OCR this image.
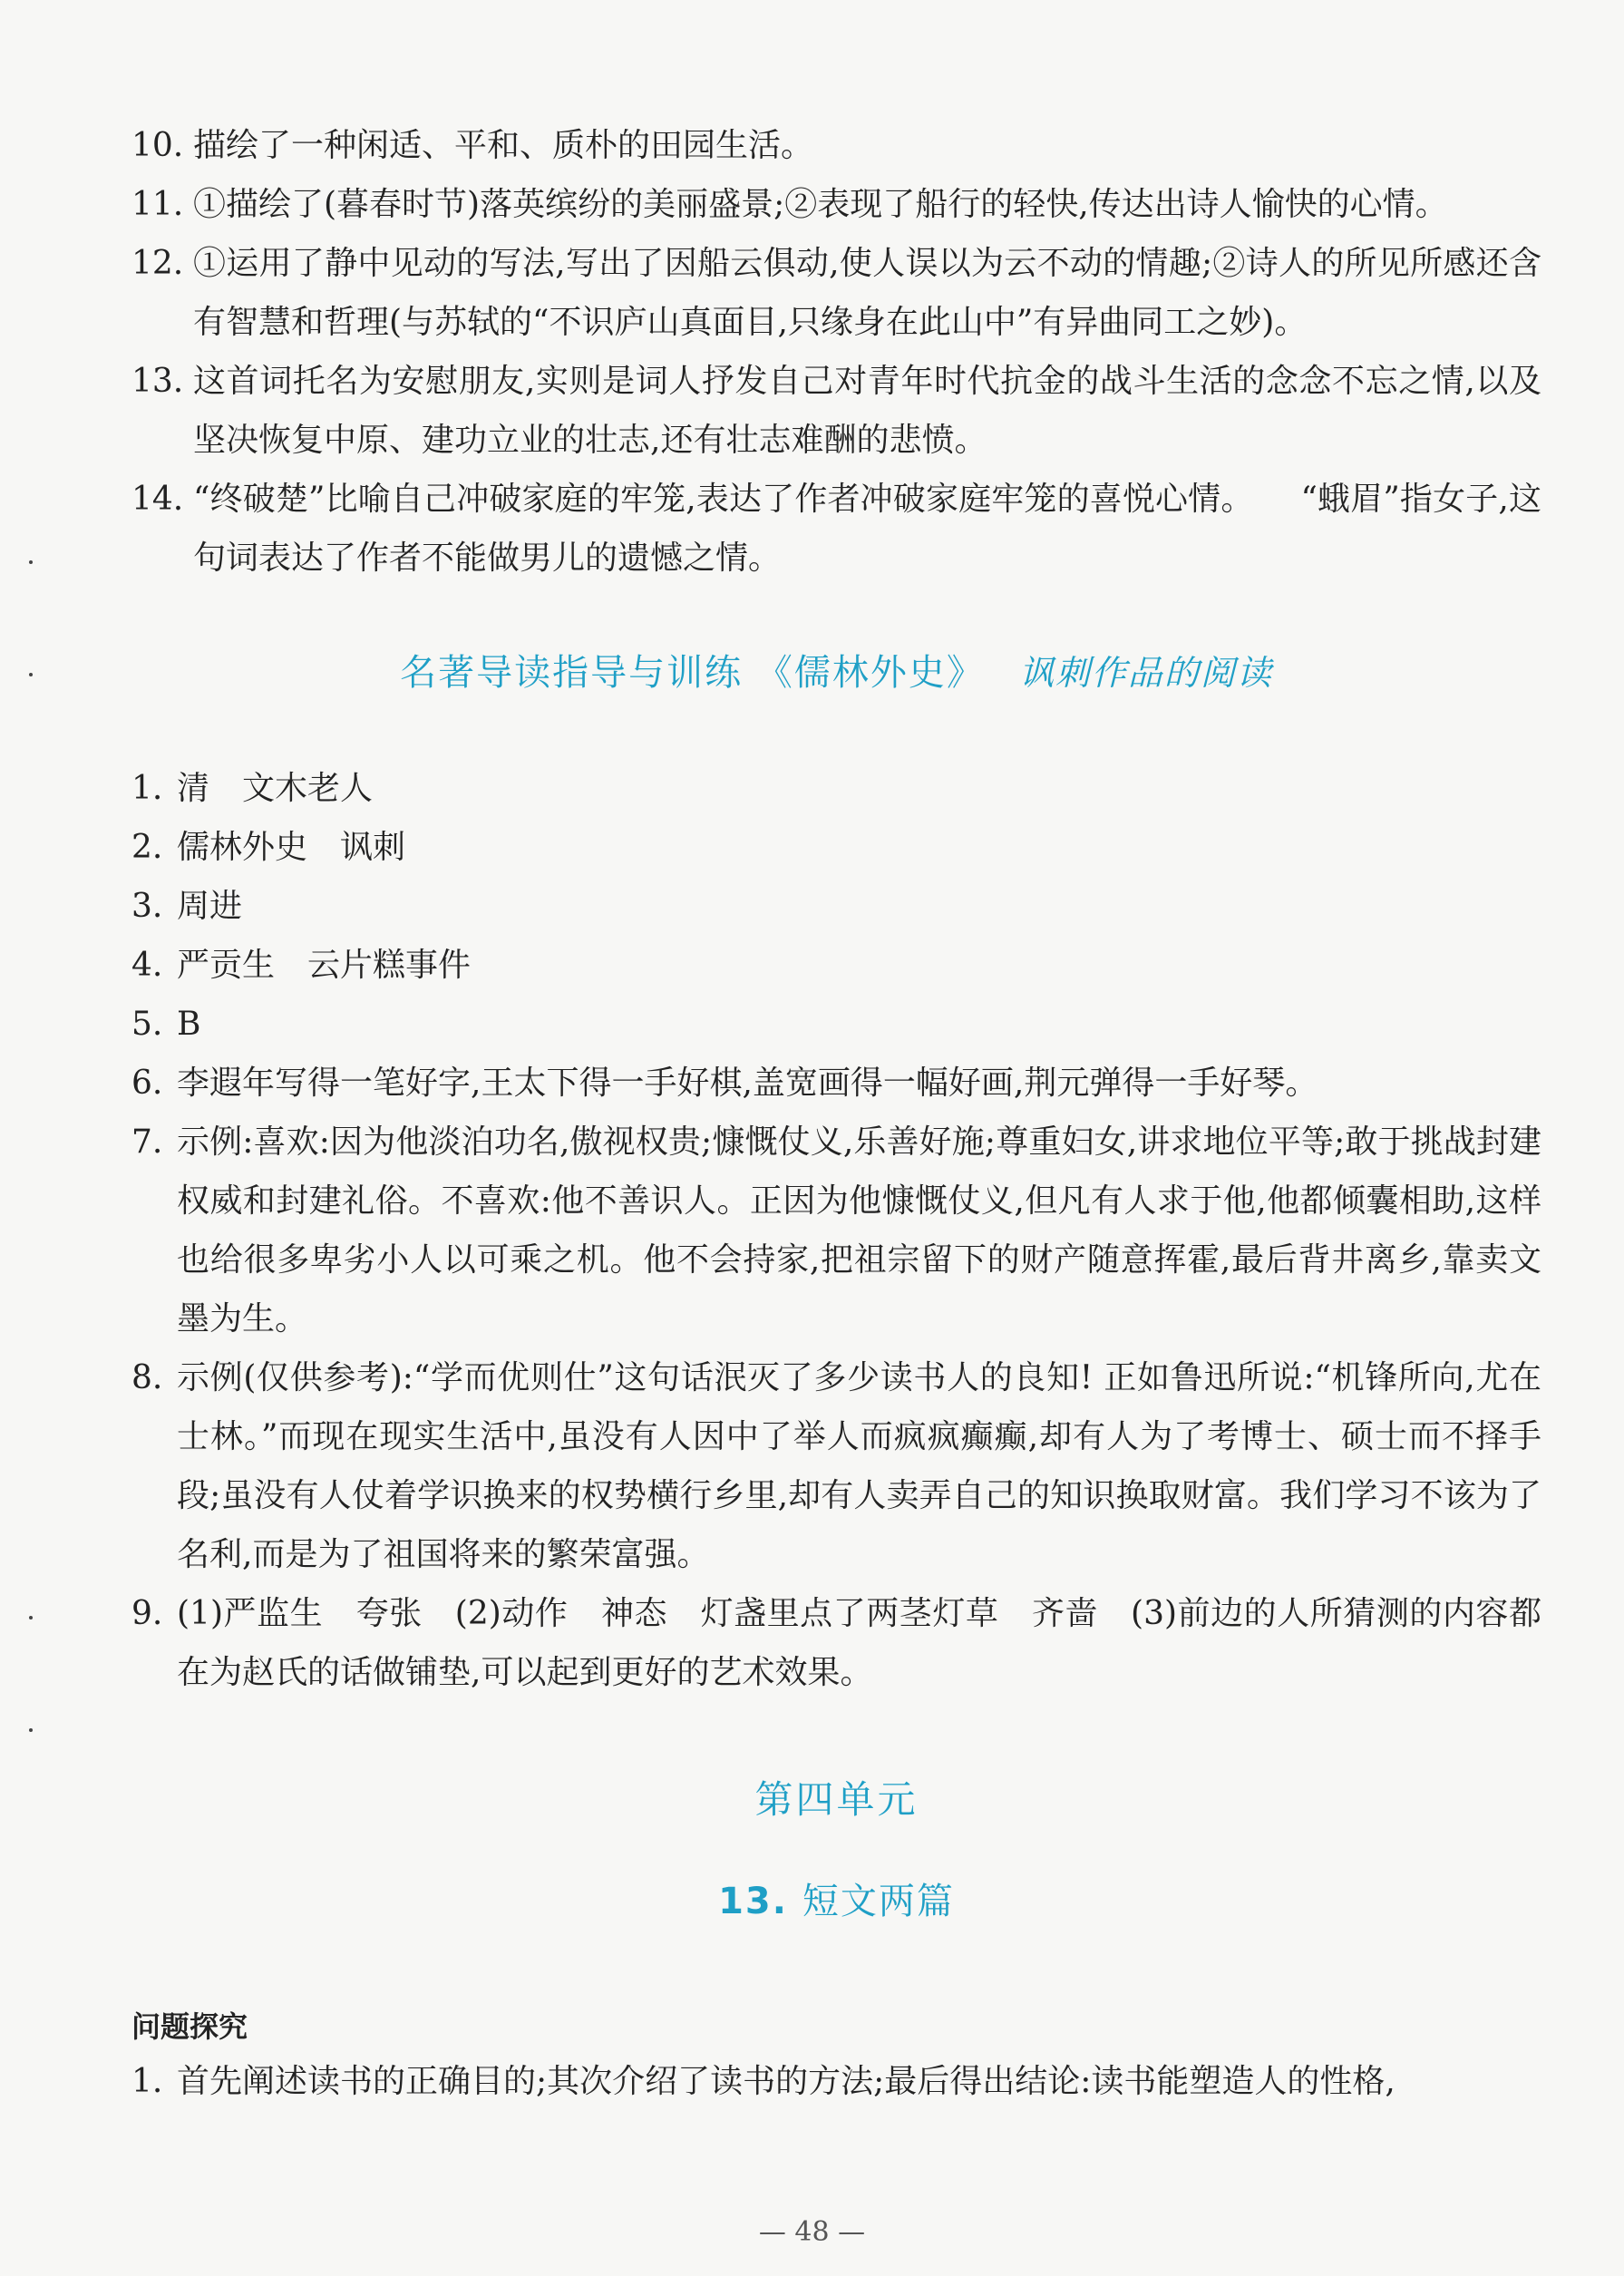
10. 描绘了一种闲适、平和、质朴的田园生活。
11. ①描绘了(暮春时节)落英缤纷的美丽盛景;②表现了船行的轻快,传达出诗人愉快的心情。
12. ①运用了静中见动的写法,写出了因船云俱动,使人误以为云不动的情趣;②诗人的所见所感还含有智慧和哲理(与苏轼的“不识庐山真面目,只缘身在此山中”有异曲同工之妙)。
13. 这首词托名为安慰朋友,实则是词人抒发自己对青年时代抗金的战斗生活的念念不忘之情,以及坚决恢复中原、建功立业的壮志,还有壮志难酬的悲愤。
14. “终破楚”比喻自己冲破家庭的牢笼,表达了作者冲破家庭牢笼的喜悦心情。 “蛾眉”指女子,这句词表达了作者不能做男儿的遗憾之情。
名著导读指导与训练 《儒林外史》 讽刺作品的阅读
1. 清 文木老人
2. 儒林外史 讽刺
3. 周进
4. 严贡生 云片糕事件
5. B
6. 李遐年写得一笔好字,王太下得一手好棋,盖宽画得一幅好画,荆元弹得一手好琴。
7. 示例:喜欢:因为他淡泊功名,傲视权贵;慷慨仗义,乐善好施;尊重妇女,讲求地位平等;敢于挑战封建权威和封建礼俗。不喜欢:他不善识人。正因为他慷慨仗义,但凡有人求于他,他都倾囊相助,这样也给很多卑劣小人以可乘之机。他不会持家,把祖宗留下的财产随意挥霍,最后背井离乡,靠卖文墨为生。
8. 示例(仅供参考):“学而优则仕”这句话泯灭了多少读书人的良知! 正如鲁迅所说:“机锋所向,尤在士林。”而现在现实生活中,虽没有人因中了举人而疯疯癫癫,却有人为了考博士、硕士而不择手段;虽没有人仗着学识换来的权势横行乡里,却有人卖弄自己的知识换取财富。我们学习不该为了名利,而是为了祖国将来的繁荣富强。
9. (1)严监生 夸张 (2)动作 神态 灯盏里点了两茎灯草 齐啬 (3)前边的人所猜测的内容都在为赵氏的话做铺垫,可以起到更好的艺术效果。
第四单元
13. 短文两篇
问题探究
1. 首先阐述读书的正确目的;其次介绍了读书的方法;最后得出结论:读书能塑造人的性格,
— 48 —
